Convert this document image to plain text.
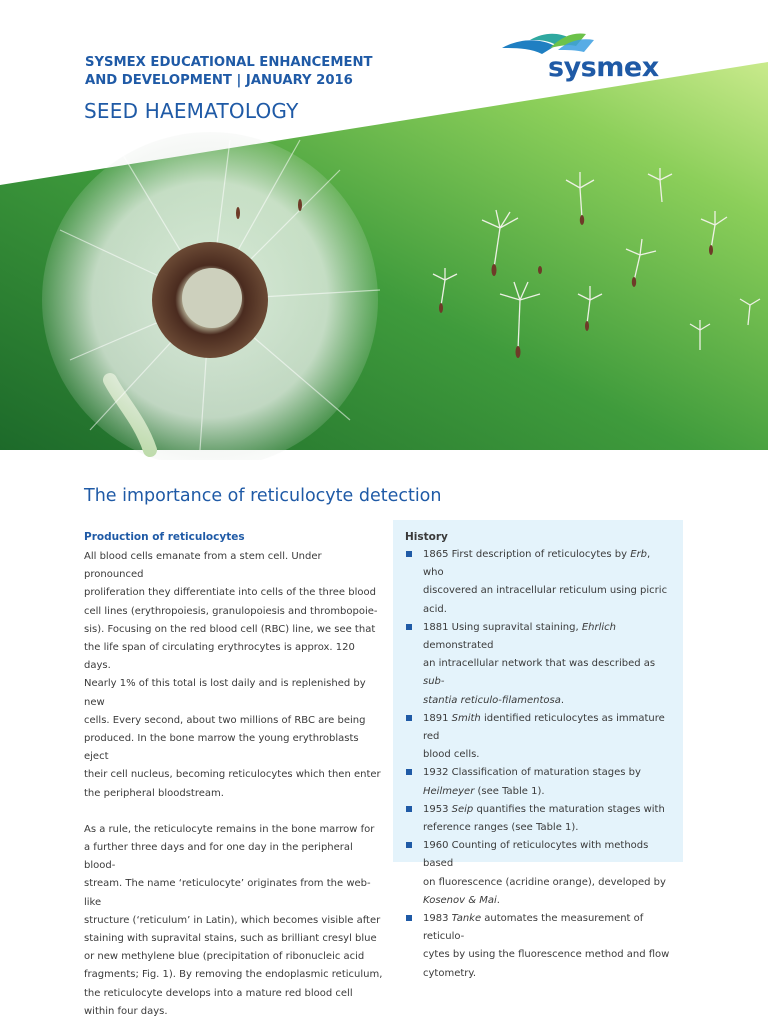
SYSMEX EDUCATIONAL ENHANCEMENT
AND DEVELOPMENT | JANUARY 2016
SEED HAEMATOLOGY
sysmex
The importance of reticulocyte detection
Production of reticulocytes

All blood cells emanate from a stem cell. Under pronounced
proliferation they differentiate into cells of the three blood
cell lines (erythropoiesis, granulopoiesis and thrombopoie-
sis). Focusing on the red blood cell (RBC) line, we see that
the life span of circulating erythrocytes is approx. 120 days.
Nearly 1% of this total is lost daily and is replenished by new
cells. Every second, about two millions of RBC are being
produced. In the bone marrow the young erythroblasts eject
their cell nucleus, becoming reticulocytes which then enter
the peripheral bloodstream.

As a rule, the reticulocyte remains in the bone marrow for
a further three days and for one day in the peripheral blood-
stream. The name ‘reticulocyte’ originates from the web-like
structure (‘reticulum’ in Latin), which becomes visible after
staining with supravital stains, such as brilliant cresyl blue
or new methylene blue (precipitation of ribonucleic acid
fragments; Fig. 1). By removing the endoplasmic reticulum,
the reticulocyte develops into a mature red blood cell
within four days.

History
1865 First description of reticulocytes by Erb, who
discovered an intracellular reticulum using picric acid.
1881 Using supravital staining, Ehrlich demonstrated
an intracellular network that was described as sub-
stantia reticulo-filamentosa.
1891 Smith identified reticulocytes as immature red
blood cells.
1932 Classification of maturation stages by
Heilmeyer (see Table 1).
1953 Seip quantifies the maturation stages with
reference ranges (see Table 1).
1960 Counting of reticulocytes with methods based
on fluorescence (acridine orange), developed by
Kosenov & Mai.
1983 Tanke automates the measurement of reticulo-
cytes by using the fluorescence method and flow
cytometry.
